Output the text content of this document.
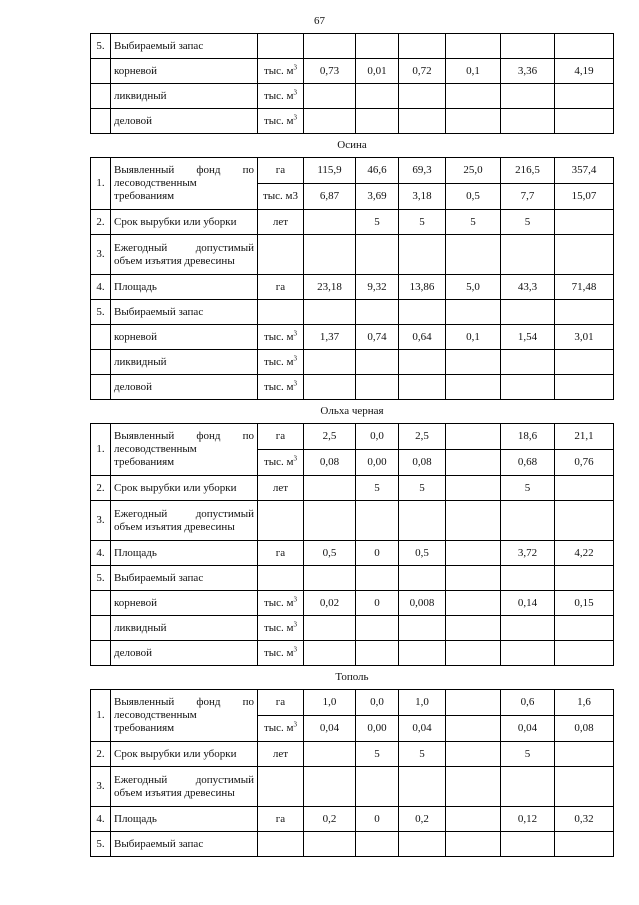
67
5.	Выбираемый запас							
	корневой	тыс. $м^3$	0,73	0,01	0,72	0,1	3,36	4,19
	ликвидный	тыс. $м^3$						
	деловой	тыс. $м^3$						
Осина								
1.	Выявленный фонд по лесоводственным требованиям	га	115,9	46,6	69,3	25,0	216,5	357,4
		тыс. м3	6,87	3,69	3,18	0,5	7,7	15,07
2.	Срок вырубки или уборки	лет		5	5	5	5	
3.	Ежегодный допустимый объем изъятия древесины							
4.	Площадь	га	23,18	9,32	13,86	5,0	43,3	71,48
5.	Выбираемый запас							
	корневой	тыс. $м^3$	1,37	0,74	0,64	0,1	1,54	3,01
	ликвидный	тыс. $м^3$						
	деловой	тыс. $м^3$						
Ольха черная								
1.	Выявленный фонд по лесоводственным требованиям	га	2,5	0,0	2,5		18,6	21,1
		тыс. $м^3$	0,08	0,00	0,08		0,68	0,76
2.	Срок вырубки или уборки	лет		5	5		5	
3.	Ежегодный допустимый объем изъятия древесины							
4.	Площадь	га	0,5	0	0,5		3,72	4,22
5.	Выбираемый запас							
	корневой	тыс. $м^3$	0,02	0	0,008		0,14	0,15
	ликвидный	тыс. $м^3$						
	деловой	тыс. $м^3$						
Тополь								
1.	Выявленный фонд по лесоводственным требованиям	га	1,0	0,0	1,0		0,6	1,6
		тыс. $м^3$	0,04	0,00	0,04		0,04	0,08
2.	Срок вырубки или уборки	лет		5	5		5	
3.	Ежегодный допустимый объем изъятия древесины							
4.	Площадь	га	0,2	0	0,2		0,12	0,32
5.	Выбираемый запас							
